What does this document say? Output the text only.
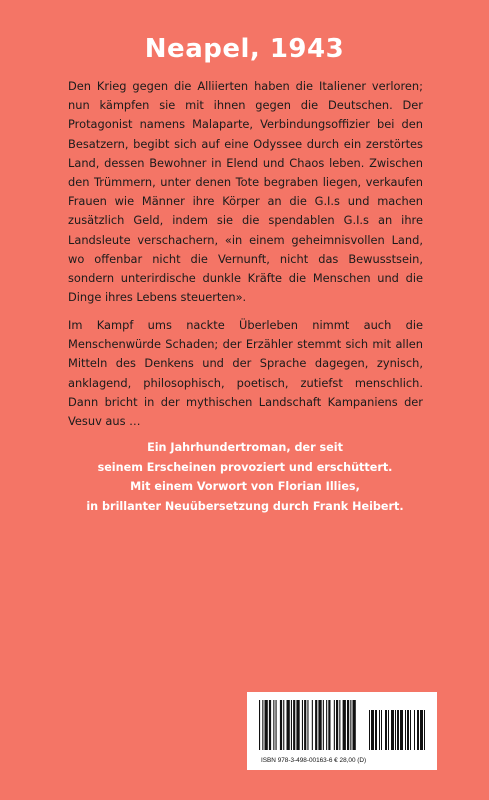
Neapel, 1943

Den Krieg gegen die Alliierten haben die Italiener verloren; nun kämpfen sie mit ihnen gegen die Deutschen. Der Protagonist namens Malaparte, Verbindungsoffizier bei den Besatzern, begibt sich auf eine Odyssee durch ein zerstörtes Land, dessen Bewohner in Elend und Chaos leben. Zwischen den Trümmern, unter denen Tote begraben liegen, verkaufen Frauen wie Männer ihre Körper an die G.I.s und machen zusätzlich Geld, indem sie die spendablen G.I.s an ihre Landsleute verschachern, «in einem geheimnisvollen Land, wo offenbar nicht die Vernunft, nicht das Bewusstsein, sondern unterirdische dunkle Kräfte die Menschen und die Dinge ihres Lebens steuerten».

Im Kampf ums nackte Überleben nimmt auch die Menschenwürde Schaden; der Erzähler stemmt sich mit allen Mitteln des Denkens und der Sprache dagegen, zynisch, anklagend, philosophisch, poetisch, zutiefst menschlich. Dann bricht in der mythischen Landschaft Kampaniens der Vesuv aus …

Ein Jahrhundertroman, der seit
seinem Erscheinen provoziert und erschüttert.
Mit einem Vorwort von Florian Illies,
in brillanter Neuübersetzung durch Frank Heibert.
ISBN 978-3-498-00163-6 € 28,00 (D)
